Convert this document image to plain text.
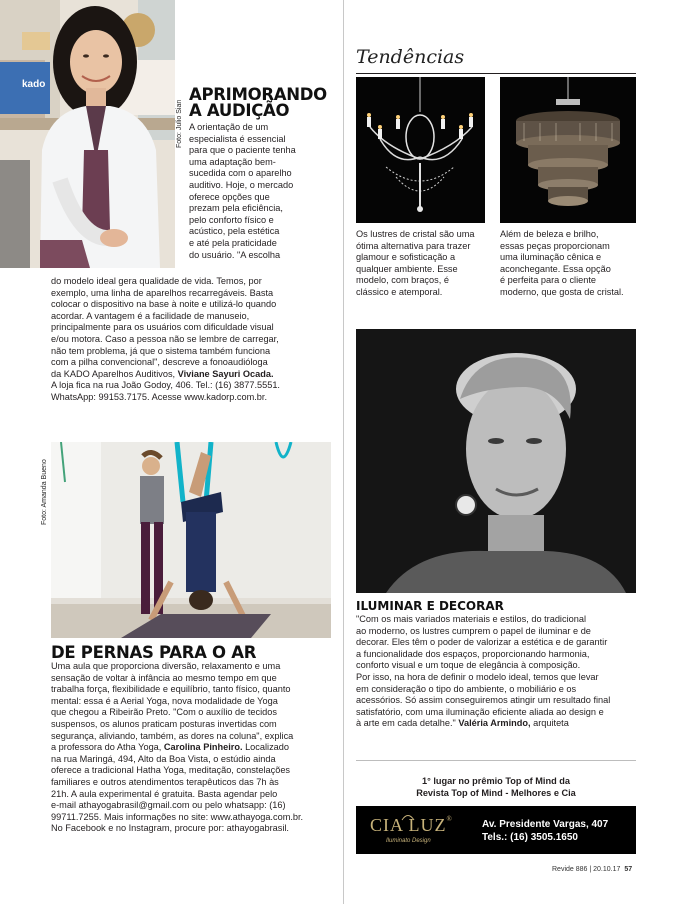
kado
Foto: Julio Sian
APRIMORANDO
A AUDIÇÃO
A orientação de um
especialista é essencial
para que o paciente tenha
uma adaptação bem-
sucedida com o aparelho
auditivo. Hoje, o mercado
oferece opções que
prezam pela eficiência,
pelo conforto físico e
acústico, pela estética
e até pela praticidade
do usuário. "A escolha
do modelo ideal gera qualidade de vida. Temos, por
exemplo, uma linha de aparelhos recarregáveis. Basta
colocar o dispositivo na base à noite e utilizá-lo quando
acordar. A vantagem é a facilidade de manuseio,
principalmente para os usuários com dificuldade visual
e/ou motora. Caso a pessoa não se lembre de carregar,
não tem problema, já que o sistema também funciona
com a pilha convencional", descreve a fonoaudióloga
da KADO Aparelhos Auditivos, Viviane Sayuri Ocada.
A loja fica na rua João Godoy, 406. Tel.: (16) 3877.5551.
WhatsApp: 99153.7175. Acesse www.kadorp.com.br.
Foto: Amanda Bueno
DE PERNAS PARA O AR
Uma aula que proporciona diversão, relaxamento e uma
sensação de voltar à infância ao mesmo tempo em que
trabalha força, flexibilidade e equilíbrio, tanto físico, quanto
mental: essa é a Aerial Yoga, nova modalidade de Yoga
que chegou a Ribeirão Preto. "Com o auxílio de tecidos
suspensos, os alunos praticam posturas invertidas com
segurança, aliviando, também, as dores na coluna", explica
a professora do Atha Yoga, Carolina Pinheiro. Localizado
na rua Maringá, 494, Alto da Boa Vista, o estúdio ainda
oferece a tradicional Hatha Yoga, meditação, constelações
familiares e outros atendimentos terapêuticos das 7h às
21h. A aula experimental é gratuita. Basta agendar pelo
e-mail athayogabrasil@gmail.com ou pelo whatsapp: (16)
99711.7255. Mais informações no site: www.athayoga.com.br.
No Facebook e no Instagram, procure por: athayogabrasil.
Tendências
Os lustres de cristal são uma
ótima alternativa para trazer
glamour e sofisticação a
qualquer ambiente. Esse
modelo, com braços, é
clássico e atemporal.
Além de beleza e brilho,
essas peças proporcionam
uma iluminação cênica e
aconchegante. Essa opção
é perfeita para o cliente
moderno, que gosta de cristal.
ILUMINAR E DECORAR
"Com os mais variados materiais e estilos, do tradicional
ao moderno, os lustres cumprem o papel de iluminar e de
decorar. Eles têm o poder de valorizar a estética e de garantir
a funcionalidade dos espaços, proporcionando harmonia,
conforto visual e um toque de elegância à composição.
Por isso, na hora de definir o modelo ideal, temos que levar
em consideração o tipo do ambiente, o mobiliário e os
acessórios. Só assim conseguiremos atingir um resultado final
satisfatório, com uma iluminação eficiente aliada ao design e
à arte em cada detalhe." Valéria Armindo, arquiteta
1° lugar no prêmio Top of Mind da
Revista Top of Mind - Melhores e Cia
CIA LUZ®
Iluminato Design
Av. Presidente Vargas, 407
Tels.: (16) 3505.1650
Revide 886 | 20.10.17 57
